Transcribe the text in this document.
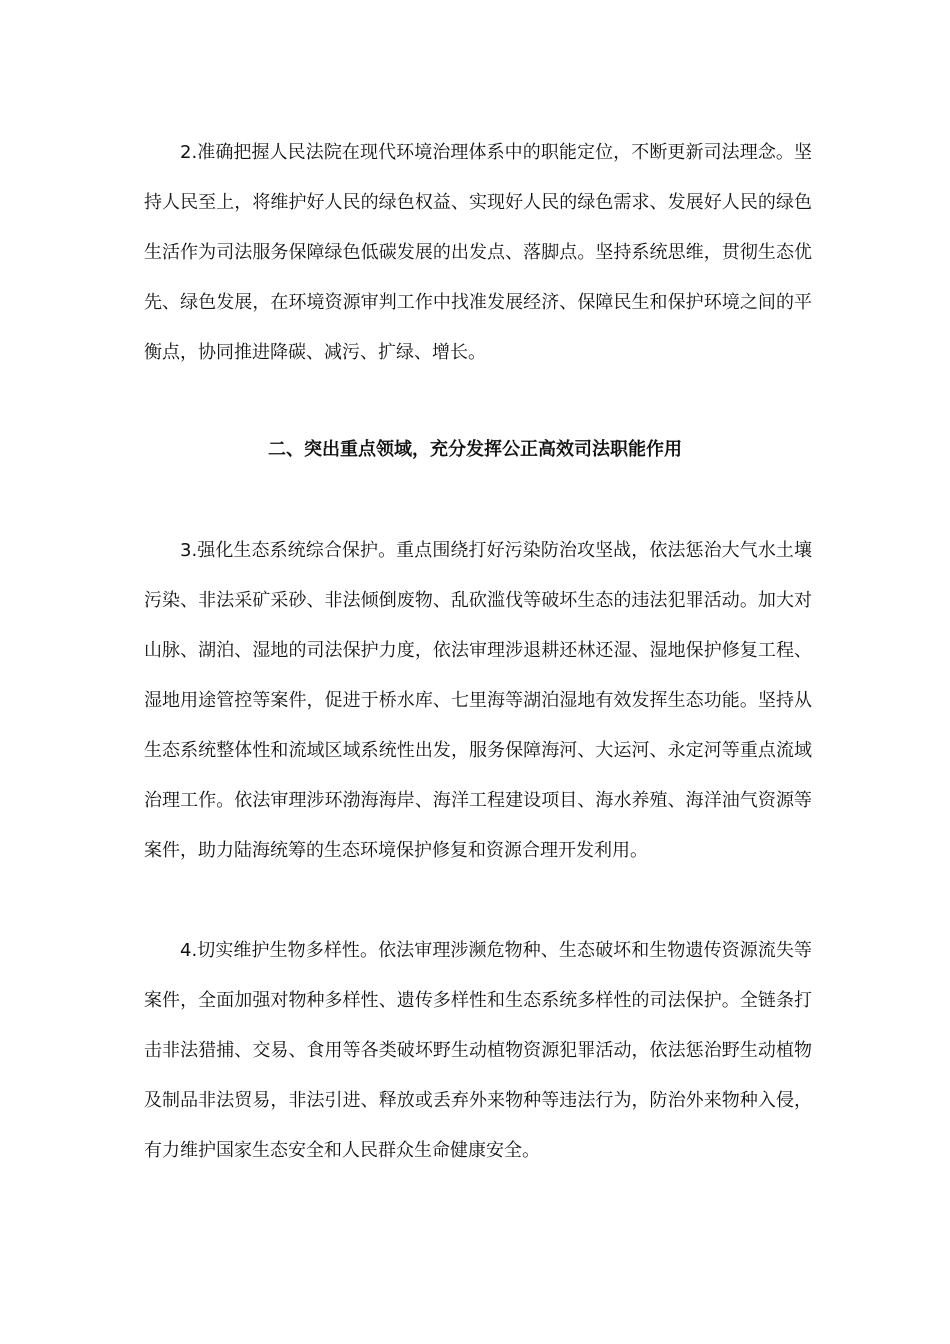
2.准确把握人民法院在现代环境治理体系中的职能定位，不断更新司法理念。坚持人民至上，将维护好人民的绿色权益、实现好人民的绿色需求、发展好人民的绿色生活作为司法服务保障绿色低碳发展的出发点、落脚点。坚持系统思维，贯彻生态优先、绿色发展，在环境资源审判工作中找准发展经济、保障民生和保护环境之间的平衡点，协同推进降碳、减污、扩绿、增长。

二、突出重点领域，充分发挥公正高效司法职能作用

3.强化生态系统综合保护。重点围绕打好污染防治攻坚战，依法惩治大气水土壤污染、非法采矿采砂、非法倾倒废物、乱砍滥伐等破坏生态的违法犯罪活动。加大对山脉、湖泊、湿地的司法保护力度，依法审理涉退耕还林还湿、湿地保护修复工程、湿地用途管控等案件，促进于桥水库、七里海等湖泊湿地有效发挥生态功能。坚持从生态系统整体性和流域区域系统性出发，服务保障海河、大运河、永定河等重点流域治理工作。依法审理涉环渤海海岸、海洋工程建设项目、海水养殖、海洋油气资源等案件，助力陆海统筹的生态环境保护修复和资源合理开发利用。

4.切实维护生物多样性。依法审理涉濒危物种、生态破坏和生物遗传资源流失等案件，全面加强对物种多样性、遗传多样性和生态系统多样性的司法保护。全链条打击非法猎捕、交易、食用等各类破坏野生动植物资源犯罪活动，依法惩治野生动植物及制品非法贸易，非法引进、释放或丢弃外来物种等违法行为，防治外来物种入侵，有力维护国家生态安全和人民群众生命健康安全。
